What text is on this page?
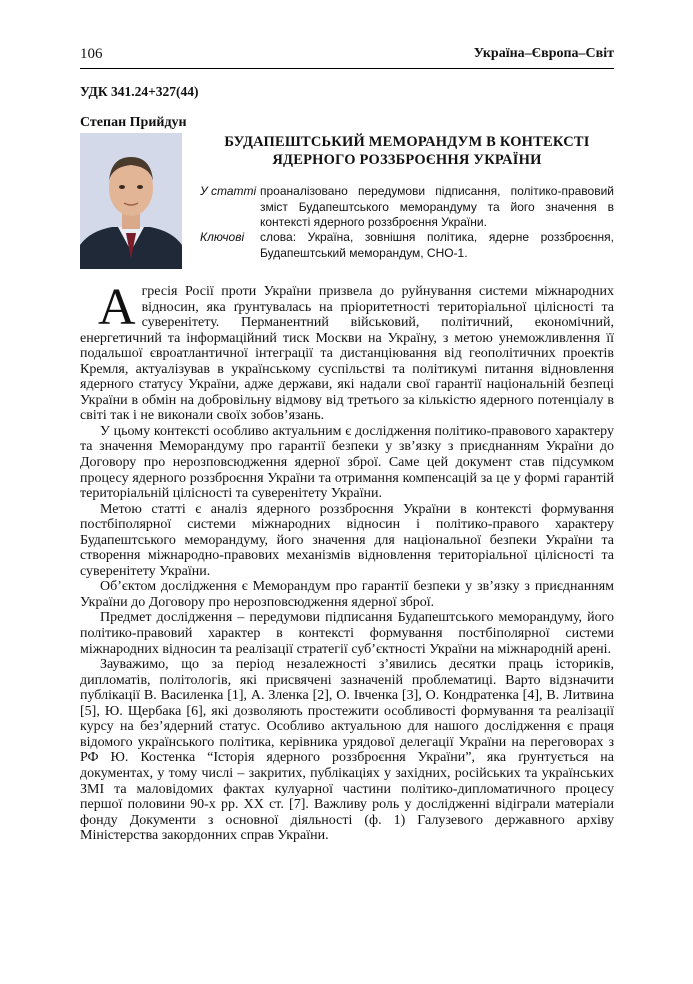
106	Україна–Європа–Світ
УДК 341.24+327(44)
Степан Прийдун
БУДАПЕШТСЬКИЙ МЕМОРАНДУМ В КОНТЕКСТІ
ЯДЕРНОГО РОЗЗБРОЄННЯ УКРАЇНИ
У статті проаналізовано передумови підписання, політико-правовий зміст Будапештського меморандуму та його значення в контексті ядерного роззброєння України.
Ключові слова: Україна, зовнішня політика, ядерне роззброєння, Будапештський меморандум, СНО-1.

Агресія Росії проти України призвела до руйнування системи міжнародних відносин, яка ґрунтувалась на пріоритетності територіальної цілісності та суверенітету. Перманентний військовий, політичний, економічний, енергетичний та інформаційний тиск Москви на Україну, з метою унеможливлення її подальшої євроатлантичної інтеграції та дистанціювання від геополітичних проектів Кремля, актуалізував в українському суспільстві та політикумі питання відновлення ядерного статусу України, адже держави, які надали свої гарантії національній безпеці України в обмін на добровільну відмову від третього за кількістю ядерного потенціалу в світі так і не виконали своїх зобов’язань.

У цьому контексті особливо актуальним є дослідження політико-правового характеру та значення Меморандуму про гарантії безпеки у зв’язку з приєднанням України до Договору про нерозповсюдження ядерної зброї. Саме цей документ став підсумком процесу ядерного роззброєння України та отримання компенсацій за це у формі гарантій територіальній цілісності та суверенітету України.

Метою статті є аналіз ядерного роззброєння України в контексті формування постбіполярної системи міжнародних відносин і політико-правого характеру Будапештського меморандуму, його значення для національної безпеки України та створення міжнародно-правових механізмів відновлення територіальної цілісності та суверенітету України.

Об’єктом дослідження є Меморандум про гарантії безпеки у зв’язку з приєднанням України до Договору про нерозповсюдження ядерної зброї.

Предмет дослідження – передумови підписання Будапештського меморандуму, його політико-правовий характер в контексті формування постбіполярної системи міжнародних відносин та реалізації стратегії суб’єктності України на міжнародній арені.

Зауважимо, що за період незалежності з’явились десятки праць істориків, дипломатів, політологів, які присвячені зазначеній проблематиці. Варто відзначити публікації В. Василенка [1], А. Зленка [2], О. Івченка [3], О. Кондратенка [4], В. Литвина [5], Ю. Щербака [6], які дозволяють простежити особливості формування та реалізації курсу на без’ядерний статус. Особливо актуальною для нашого дослідження є праця відомого українського політика, керівника урядової делегації України на переговорах з РФ Ю. Костенка “Історія ядерного роззброєння України”, яка ґрунтується на документах, у тому числі – закритих, публікаціях у західних, російських та українських ЗМІ та маловідомих фактах кулуарної частини політико-дипломатичного процесу першої половини 90-х рр. ХХ ст. [7]. Важливу роль у дослідженні відіграли матеріали фонду Документи з основної діяльності (ф. 1) Галузевого державного архіву Міністерства закордонних справ України.
